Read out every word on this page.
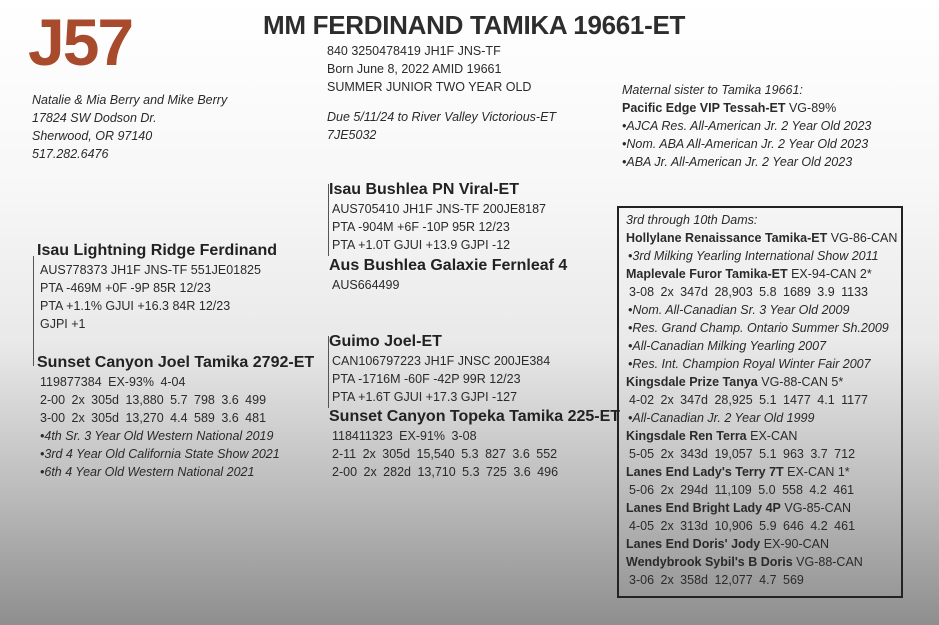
J57	MM FERDINAND TAMIKA 19661-ET
840 3250478419 JH1F JNS-TF
Born June 8, 2022 AMID 19661
SUMMER JUNIOR TWO YEAR OLD
Due 5/11/24 to River Valley Victorious-ET
7JE5032
Natalie & Mia Berry and Mike Berry
17824 SW Dodson Dr.
Sherwood, OR 97140
517.282.6476
Maternal sister to Tamika 19661:
Pacific Edge VIP Tessah-ET VG-89%
•AJCA Res. All-American Jr. 2 Year Old 2023
•Nom. ABA All-American Jr. 2 Year Old 2023
•ABA Jr. All-American Jr. 2 Year Old 2023
Isau Bushlea PN Viral-ET
AUS705410 JH1F JNS-TF 200JE8187
PTA -904M +6F -10P 95R 12/23
PTA +1.0T GJUI +13.9 GJPI -12
Aus Bushlea Galaxie Fernleaf 4
AUS664499
Isau Lightning Ridge Ferdinand
AUS778373 JH1F JNS-TF 551JE01825
PTA -469M +0F -9P 85R 12/23
PTA +1.1% GJUI +16.3 84R 12/23
GJPI +1
Sunset Canyon Joel Tamika 2792-ET
119877384 EX-93% 4-04
2-00 2x 305d 13,880 5.7 798 3.6 499
3-00 2x 305d 13,270 4.4 589 3.6 481
•4th Sr. 3 Year Old Western National 2019
•3rd 4 Year Old California State Show 2021
•6th 4 Year Old Western National 2021
Guimo Joel-ET
CAN106797223 JH1F JNSC 200JE384
PTA -1716M -60F -42P 99R 12/23
PTA +1.6T GJUI +17.3 GJPI -127
Sunset Canyon Topeka Tamika 225-ET
118411323 EX-91% 3-08
2-11 2x 305d 15,540 5.3 827 3.6 552
2-00 2x 282d 13,710 5.3 725 3.6 496
3rd through 10th Dams:
Hollylane Renaissance Tamika-ET VG-86-CAN
•3rd Milking Yearling International Show 2011
Maplevale Furor Tamika-ET EX-94-CAN 2*
3-08 2x 347d 28,903 5.8 1689 3.9 1133
•Nom. All-Canadian Sr. 3 Year Old 2009
•Res. Grand Champ. Ontario Summer Sh.2009
•All-Canadian Milking Yearling 2007
•Res. Int. Champion Royal Winter Fair 2007
Kingsdale Prize Tanya VG-88-CAN 5*
4-02 2x 347d 28,925 5.1 1477 4.1 1177
•All-Canadian Jr. 2 Year Old 1999
Kingsdale Ren Terra EX-CAN
5-05 2x 343d 19,057 5.1 963 3.7 712
Lanes End Lady's Terry 7T EX-CAN 1*
5-06 2x 294d 11,109 5.0 558 4.2 461
Lanes End Bright Lady 4P VG-85-CAN
4-05 2x 313d 10,906 5.9 646 4.2 461
Lanes End Doris' Jody EX-90-CAN
Wendybrook Sybil's B Doris VG-88-CAN
3-06 2x 358d 12,077 4.7 569
